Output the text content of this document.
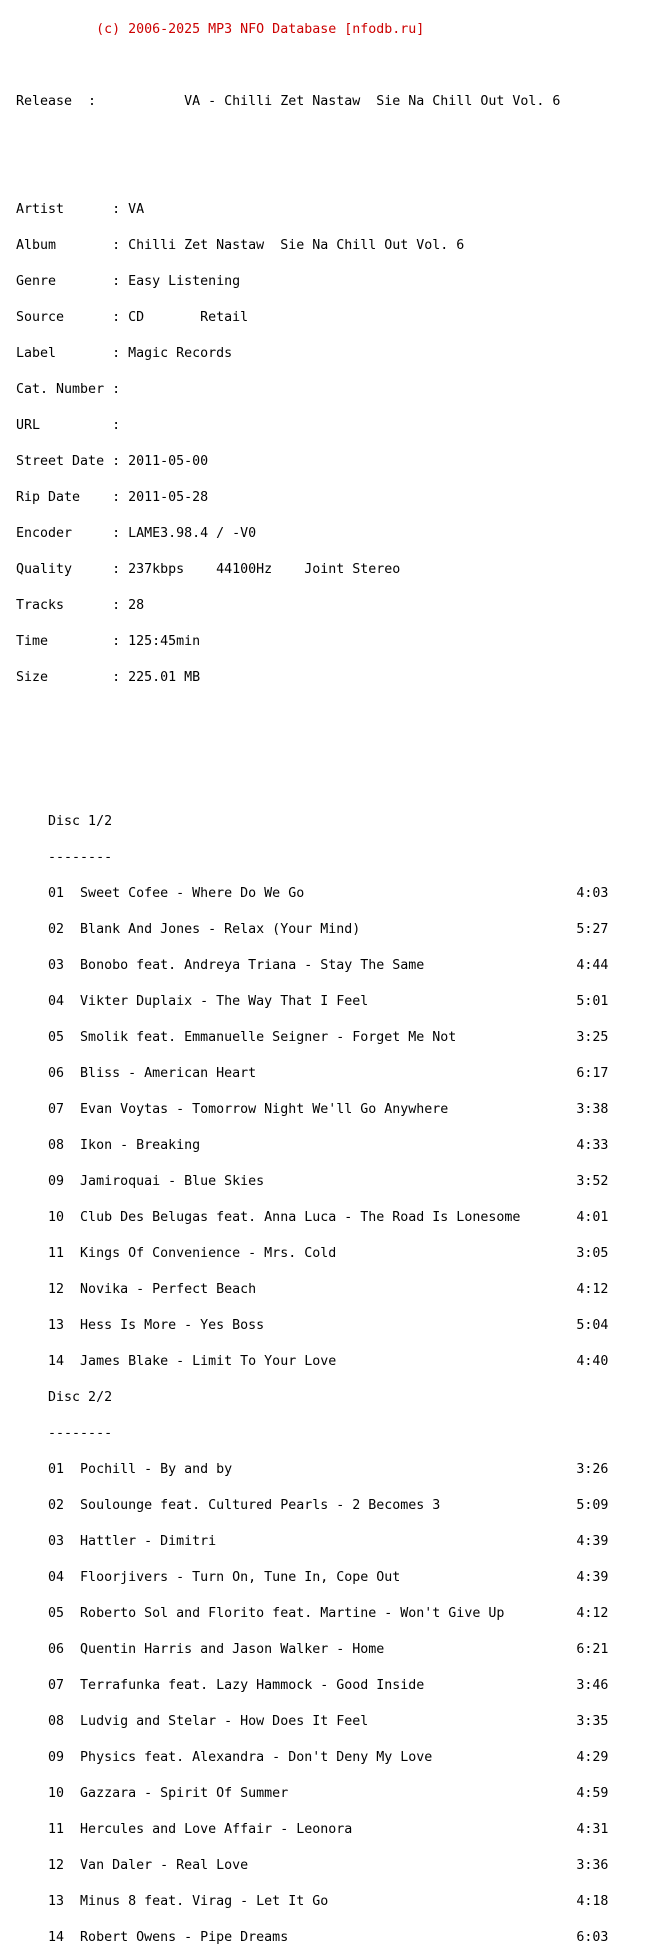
(c) 2006-2025 MP3 NFO Database [nfodb.ru]

Release  :           VA - Chilli Zet Nastaw  Sie Na Chill Out Vol. 6

Artist      : VA

Album       : Chilli Zet Nastaw  Sie Na Chill Out Vol. 6

Genre       : Easy Listening

Source      : CD       Retail

Label       : Magic Records

Cat. Number :

URL         :

Street Date : 2011-05-00

Rip Date    : 2011-05-28

Encoder     : LAME3.98.4 / -V0

Quality     : 237kbps    44100Hz    Joint Stereo

Tracks      : 28

Time        : 125:45min

Size        : 225.01 MB

Disc 1/2

--------

01  Sweet Cofee - Where Do We Go                                  4:03

02  Blank And Jones - Relax (Your Mind)                           5:27

03  Bonobo feat. Andreya Triana - Stay The Same                   4:44

04  Vikter Duplaix - The Way That I Feel                          5:01

05  Smolik feat. Emmanuelle Seigner - Forget Me Not               3:25

06  Bliss - American Heart                                        6:17

07  Evan Voytas - Tomorrow Night We'll Go Anywhere                3:38

08  Ikon - Breaking                                               4:33

09  Jamiroquai - Blue Skies                                       3:52

10  Club Des Belugas feat. Anna Luca - The Road Is Lonesome       4:01

11  Kings Of Convenience - Mrs. Cold                              3:05

12  Novika - Perfect Beach                                        4:12

13  Hess Is More - Yes Boss                                       5:04

14  James Blake - Limit To Your Love                              4:40

Disc 2/2

--------

01  Pochill - By and by                                           3:26

02  Soulounge feat. Cultured Pearls - 2 Becomes 3                 5:09

03  Hattler - Dimitri                                             4:39

04  Floorjivers - Turn On, Tune In, Cope Out                      4:39

05  Roberto Sol and Florito feat. Martine - Won't Give Up         4:12

06  Quentin Harris and Jason Walker - Home                        6:21

07  Terrafunka feat. Lazy Hammock - Good Inside                   3:46

08  Ludvig and Stelar - How Does It Feel                          3:35

09  Physics feat. Alexandra - Don't Deny My Love                  4:29

10  Gazzara - Spirit Of Summer                                    4:59

11  Hercules and Love Affair - Leonora                            4:31

12  Van Daler - Real Love                                         3:36

13  Minus 8 feat. Virag - Let It Go                               4:18

14  Robert Owens - Pipe Dreams                                    6:03
